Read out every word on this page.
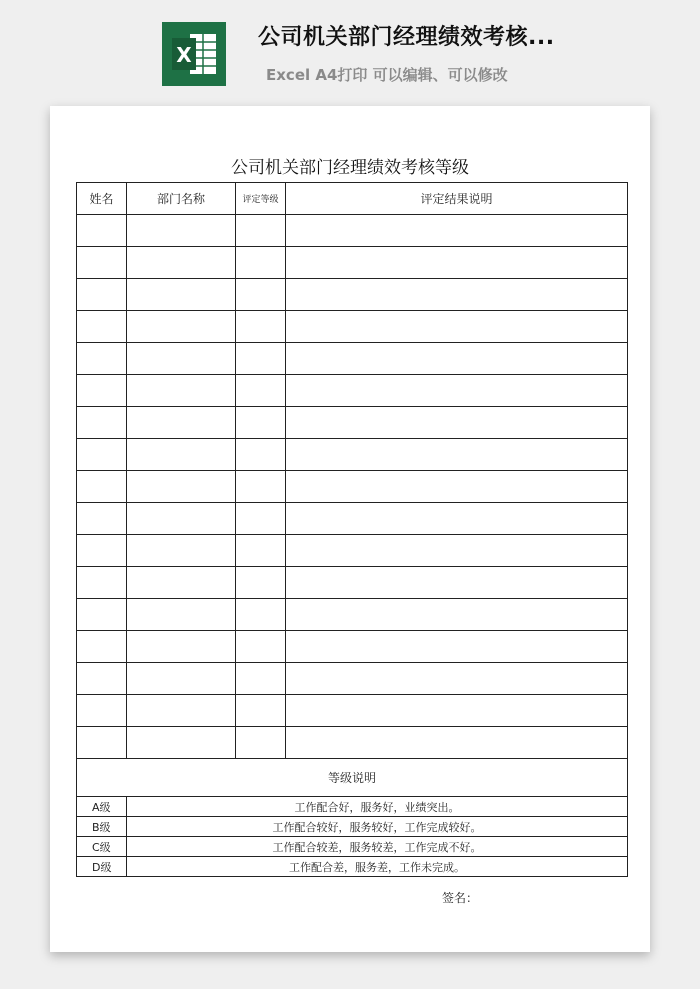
X
公司机关部门经理绩效考核...
Excel A4打印 可以编辑、可以修改
公司机关部门经理绩效考核等级
姓名	部门名称	评定等级	评定结果说明

等级说明			
A级	工作配合好，服务好，业绩突出。		
B级	工作配合较好，服务较好，工作完成较好。		
C级	工作配合较差，服务较差，工作完成不好。		
D级	工作配合差，服务差，工作未完成。		
签名：
